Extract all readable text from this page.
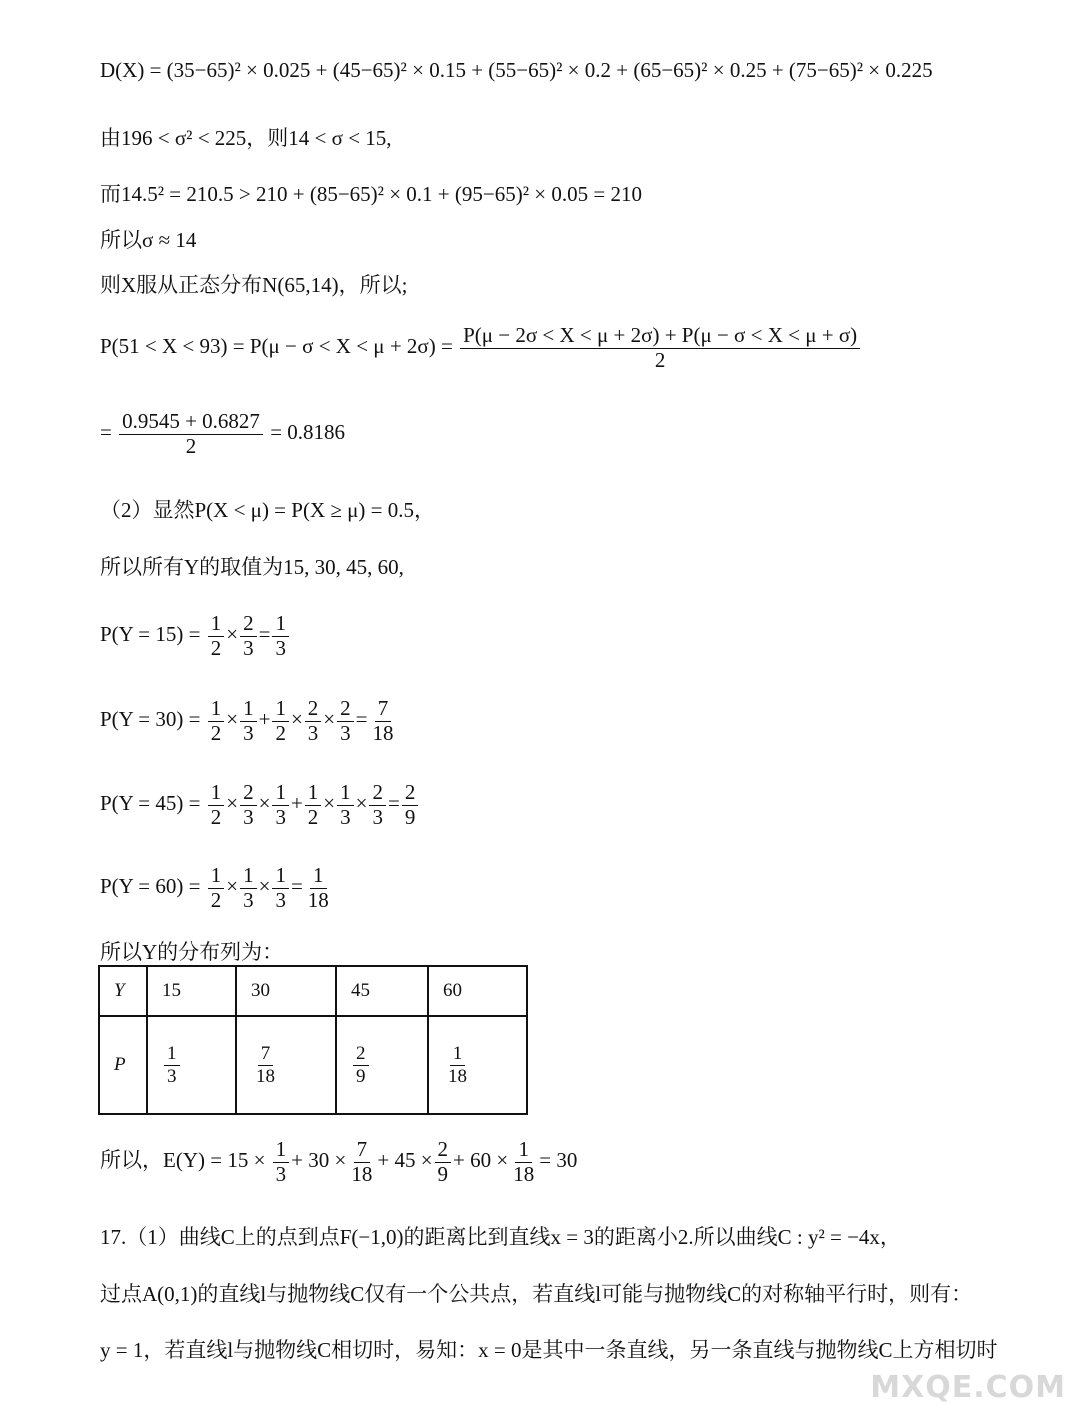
D(X) = (35−65)² × 0.025 + (45−65)² × 0.15 + (55−65)² × 0.2 + (65−65)² × 0.25 + (75−65)² × 0.225
由196 < σ² < 225，则14 < σ < 15,
而14.5² = 210.5 > 210 + (85−65)² × 0.1 + (95−65)² × 0.05 = 210
所以σ ≈ 14
则X服从正态分布N(65,14)，所以;
$P(51 < X < 93) = P(\mu - \sigma < X < \mu + 2\sigma) = \frac{P(\mu - 2\sigma < X < \mu + 2\sigma) + P(\mu - \sigma < X < \mu + \sigma)}{2}$
= $\frac{0.9545 + 0.6827}{2} = 0.8186$
（2）显然P(X < μ) = P(X ≥ μ) = 0.5，
所以所有Y的取值为15, 30, 45, 60,
$P(Y = 15) = \frac{1}{2} \times \frac{2}{3} = \frac{1}{3}$
$P(Y = 30) = \frac{1}{2} \times \frac{1}{3} + \frac{1}{2} \times \frac{2}{3} \times \frac{2}{3} = \frac{7}{18}$
$P(Y = 45) = \frac{1}{2} \times \frac{2}{3} \times \frac{1}{3} + \frac{1}{2} \times \frac{1}{3} \times \frac{2}{3} = \frac{2}{9}$
$P(Y = 60) = \frac{1}{2} \times \frac{1}{3} \times \frac{1}{3} = \frac{1}{18}$
所以Y的分布列为：
Y	15	30	45	60
P	$\frac{1}{3}$	$\frac{7}{18}$	$\frac{2}{9}$	$\frac{1}{18}$
所以，$E(Y) = 15 \times \frac{1}{3} + 30 \times \frac{7}{18} + 45 \times \frac{2}{9} + 60 \times \frac{1}{18} = 30$
17.（1）曲线C上的点到点F(−1,0)的距离比到直线x = 3的距离小2.所以曲线C : y² = −4x，
过点A(0,1)的直线l与抛物线C仅有一个公共点，若直线l可能与抛物线C的对称轴平行时，则有：
y = 1，若直线l与抛物线C相切时，易知：x = 0是其中一条直线，另一条直线与抛物线C上方相切时
MXQE.COM
